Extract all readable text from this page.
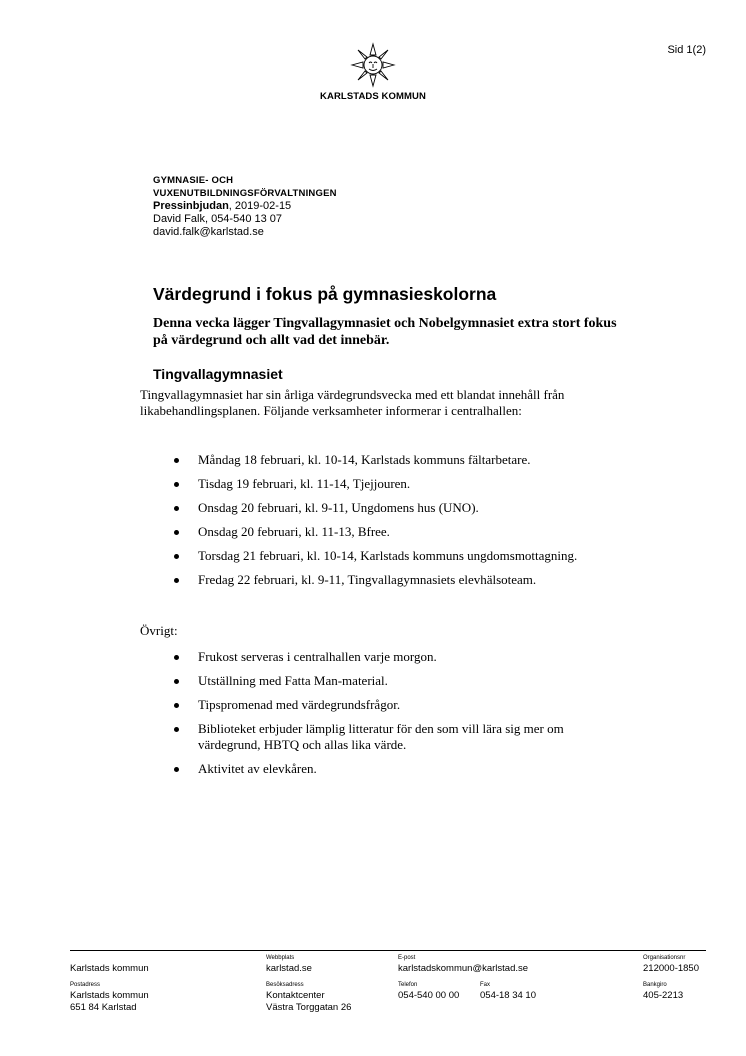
Sid 1(2)
KARLSTADS KOMMUN
GYMNASIE- OCH
VUXENUTBILDNINGSFÖRVALTNINGEN
Pressinbjudan, 2019-02-15
David Falk, 054-540 13 07
david.falk@karlstad.se
Värdegrund i fokus på gymnasieskolorna

Denna vecka lägger Tingvallagymnasiet och Nobelgymnasiet extra stort fokus på värdegrund och allt vad det innebär.

Tingvallagymnasiet

Tingvallagymnasiet har sin årliga värdegrundsvecka med ett blandat innehåll från likabehandlingsplanen. Följande verksamheter informerar i centralhallen:

Måndag 18 februari, kl. 10-14, Karlstads kommuns fältarbetare.
Tisdag 19 februari, kl. 11-14, Tjejjouren.
Onsdag 20 februari, kl. 9-11, Ungdomens hus (UNO).
Onsdag 20 februari, kl. 11-13, Bfree.
Torsdag 21 februari, kl. 10-14, Karlstads kommuns ungdomsmottagning.
Fredag 22 februari, kl. 9-11, Tingvallagymnasiets elevhälsoteam.

Övrigt:

Frukost serveras i centralhallen varje morgon.
Utställning med Fatta Man-material.
Tipspromenad med värdegrundsfrågor.
Biblioteket erbjuder lämplig litteratur för den som vill lära sig mer om värdegrund, HBTQ och allas lika värde.
Aktivitet av elevkåren.
Karlstads kommun
Webbplats
karlstad.se
E-post
karlstadskommun@karlstad.se
Organisationsnr
212000-1850
Postadress
Karlstads kommun
651 84 Karlstad
Besöksadress
Kontaktcenter
Västra Torggatan 26
Telefon
054-540 00 00
Fax
054-18 34 10
Bankgiro
405-2213
